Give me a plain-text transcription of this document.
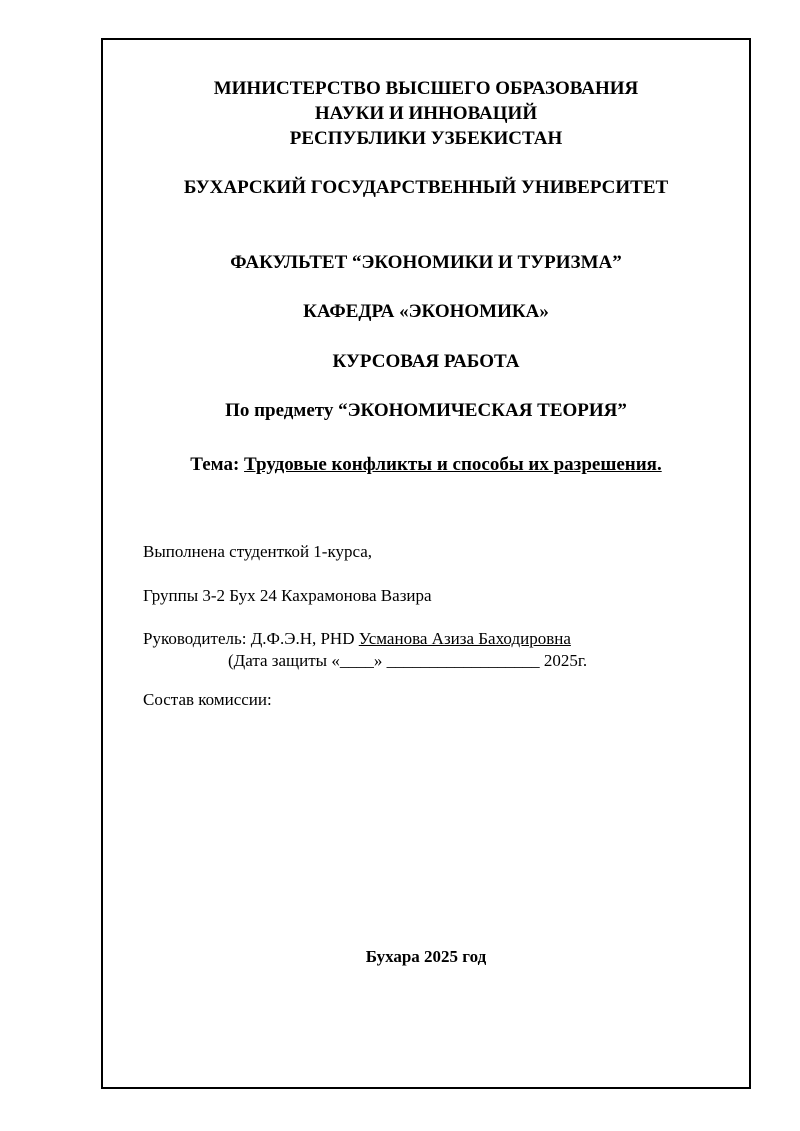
МИНИСТЕРСТВО ВЫСШЕГО ОБРАЗОВАНИЯ
НАУКИ И ИННОВАЦИЙ
РЕСПУБЛИКИ УЗБЕКИСТАН
БУХАРСКИЙ ГОСУДАРСТВЕННЫЙ УНИВЕРСИТЕТ
ФАКУЛЬТЕТ “ЭКОНОМИКИ И ТУРИЗМА”
КАФЕДРА «ЭКОНОМИКА»
КУРСОВАЯ РАБОТА
По предмету “ЭКОНОМИЧЕСКАЯ ТЕОРИЯ”
Тема: Трудовые конфликты и способы их разрешения.
Выполнена студенткой 1-курса,
Группы 3-2 Бух 24 Кахрамонова Вазира
Руководитель: Д.Ф.Э.Н, PHD Усманова Азиза Баходировна
(Дата защиты «____» __________________ 2025г.
Состав комиссии:
Бухара 2025 год
